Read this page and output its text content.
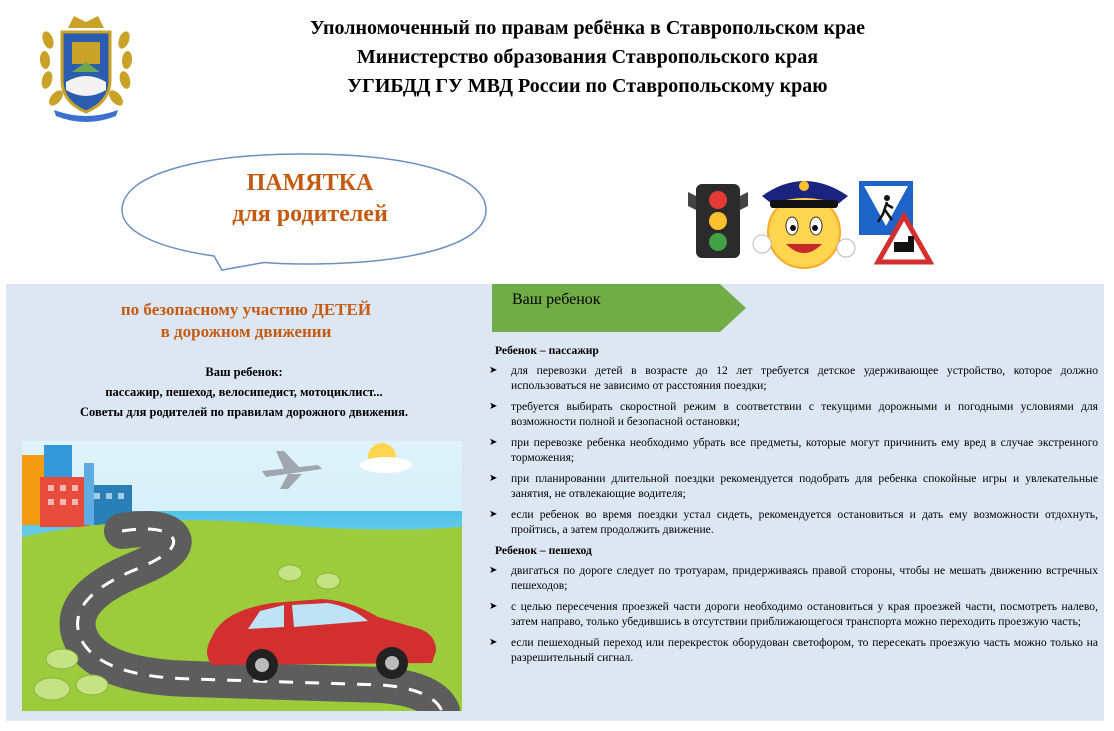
Уполномоченный по правам ребёнка в Ставропольском крае
Министерство образования Ставропольского края
УГИБДД ГУ МВД России по Ставропольскому краю
ПАМЯТКА
для родителей
по безопасному участию ДЕТЕЙ
в дорожном движении
Ваш ребенок:
пассажир, пешеход, велосипедист, мотоциклист...
Советы для родителей по правилам дорожного движения.
Ваш ребенок
Ребенок – пассажир
➤ для перевозки детей в возрасте до 12 лет требуется детское удерживающее устройство, которое должно использоваться не зависимо от расстояния поездки;
➤ требуется выбирать скоростной режим в соответствии с текущими дорожными и погодными условиями для возможности полной и безопасной остановки;
➤ при перевозке ребенка необходимо убрать все предметы, которые могут причинить ему вред в случае экстренного торможения;
➤ при планировании длительной поездки рекомендуется подобрать для ребенка спокойные игры и увлекательные занятия, не отвлекающие водителя;
➤ если ребенок во время поездки устал сидеть, рекомендуется остановиться и дать ему возможности отдохнуть, пройтись, а затем продолжить движение.
Ребенок – пешеход
➤ двигаться по дороге следует по тротуарам, придерживаясь правой стороны, чтобы не мешать движению встречных пешеходов;
➤ с целью пересечения проезжей части дороги необходимо остановиться у края проезжей части, посмотреть налево, затем направо, только убедившись в отсутствии приближающегося транспорта можно переходить проезжую часть;
➤ если пешеходный переход или перекресток оборудован светофором, то пересекать проезжую часть можно только на разрешительный сигнал.
